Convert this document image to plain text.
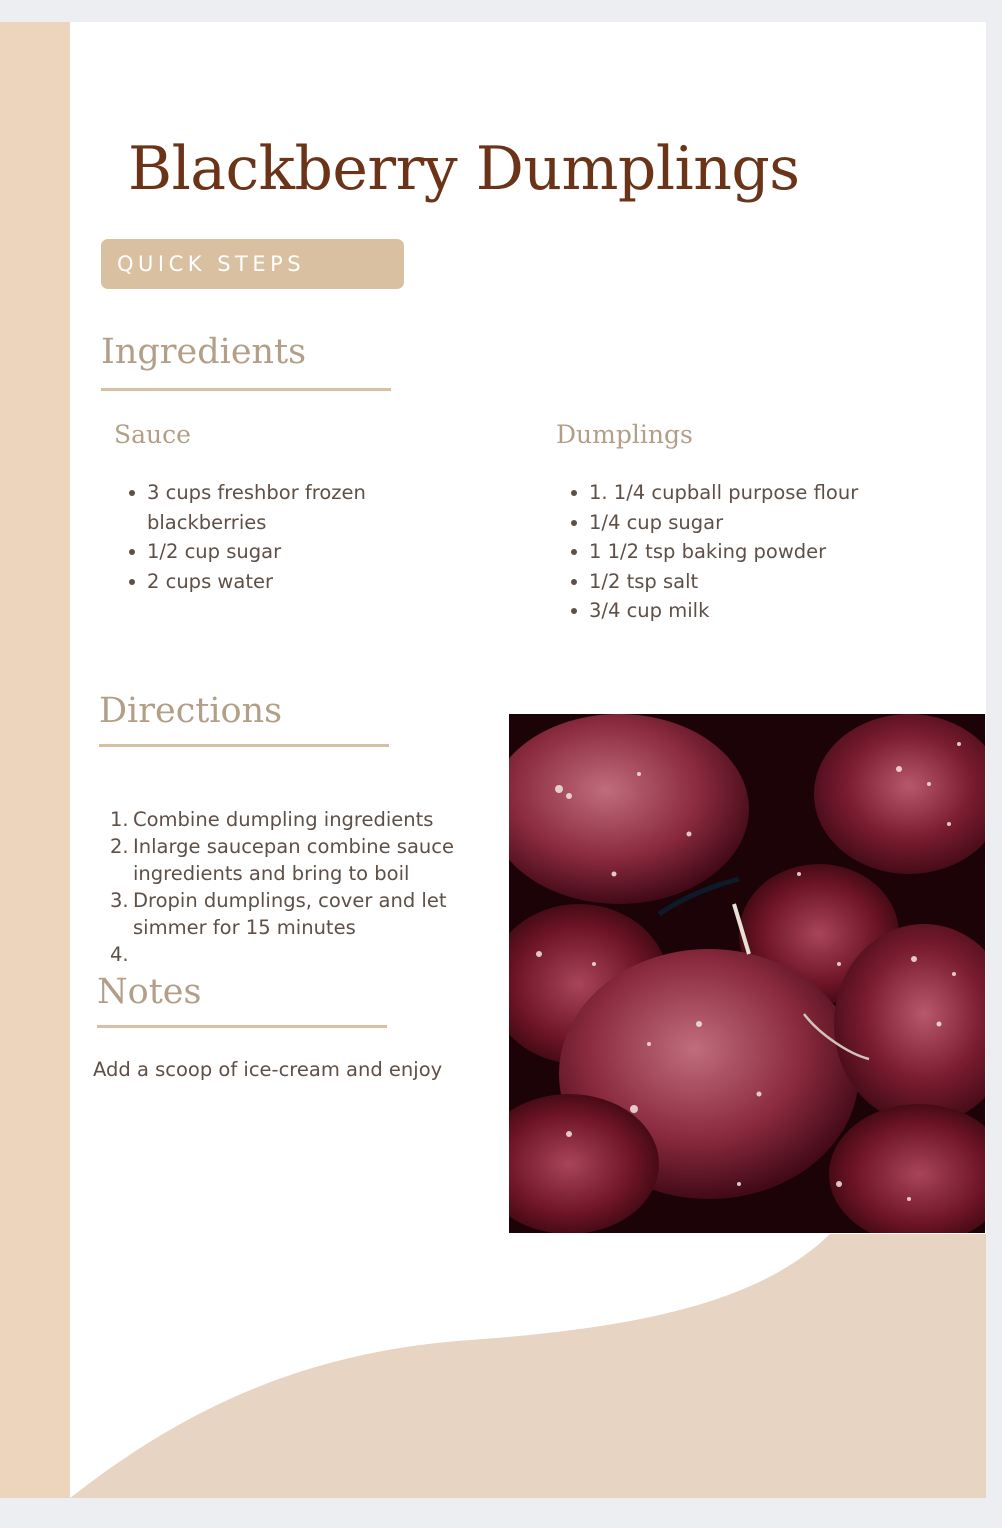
Blackberry Dumplings
QUICK STEPS
Ingredients
Sauce
3 cups freshbor frozen blackberries
1/2 cup sugar
2 cups water
Dumplings
1. 1/4 cupball purpose flour
1/4 cup sugar
1 1/2 tsp baking powder
1/2 tsp salt
3/4 cup milk
Directions
1. Combine dumpling ingredients
2. Inlarge saucepan combine sauce ingredients and bring to boil
3. Dropin dumplings, cover and let simmer for 15 minutes
4.
Notes

Add a scoop of ice-cream and enjoy
